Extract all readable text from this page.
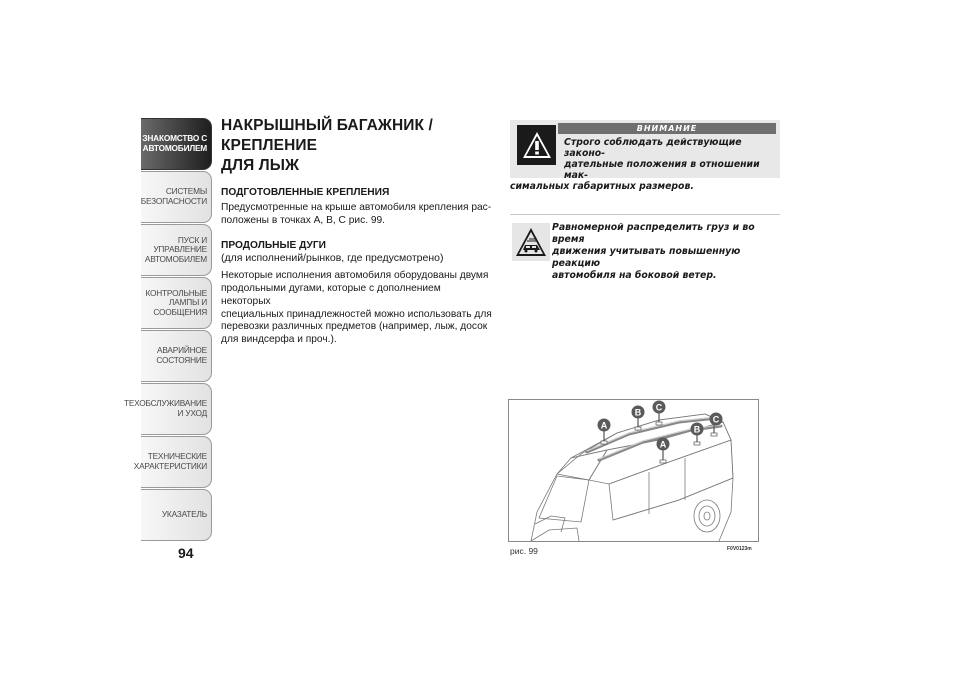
ЗНАКОМСТВО С
АВТОМОБИЛЕМ
СИСТЕМЫ
БЕЗОПАСНОСТИ
ПУСК И УПРАВЛЕНИЕ
АВТОМОБИЛЕМ
КОНТРОЛЬНЫЕ
ЛАМПЫ И
СООБЩЕНИЯ
АВАРИЙНОЕ
СОСТОЯНИЕ
ТЕХОБСЛУЖИВАНИЕ
И УХОД
ТЕХНИЧЕСКИЕ
ХАРАКТЕРИСТИКИ
УКАЗАТЕЛЬ
94

НАКРЫШНЫЙ БАГАЖНИК / КРЕПЛЕНИЕ

ДЛЯ ЛЫЖ

ПОДГОТОВЛЕННЫЕ КРЕПЛЕНИЯ

Предусмотренные на крыше автомобиля крепления рас-

положены в точках А, B, C рис. 99.

ПРОДОЛЬНЫЕ ДУГИ

(для исполнений/рынков, где предусмотрено)

Некоторые исполнения автомобиля оборудованы двумя

продольными дугами, которые с дополнением некоторых

специальных принадлежностей можно использовать для

перевозки различных предметов (например, лыж, досок

для виндсерфа и проч.).

ВНИМАНИЕ
Строго соблюдать действующие законо-
дательные положения в отношении мак-
симальных габаритных размеров.
Равномерной распределить груз и во время
движения учитывать повышенную реакцию
автомобиля на боковой ветер.
A
B C
A
B
C
рис. 99	F0V0123m
